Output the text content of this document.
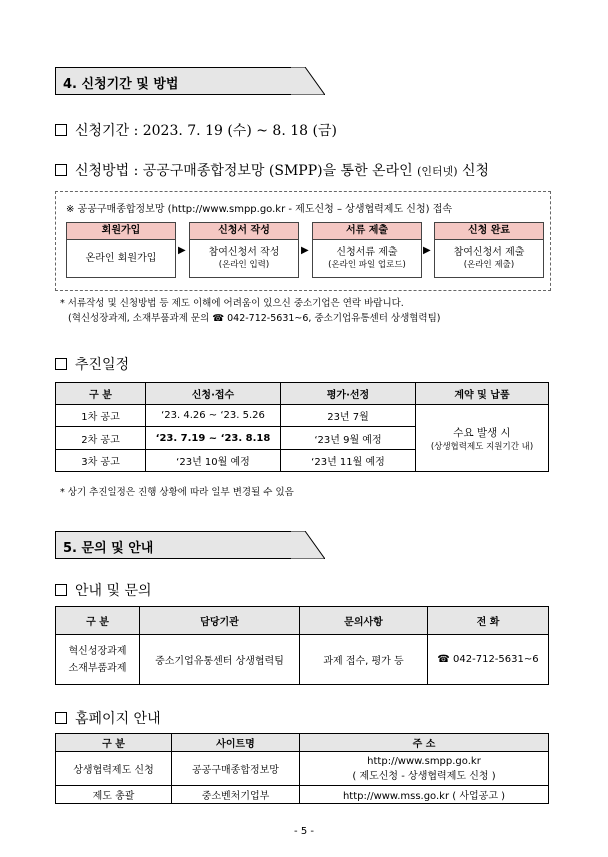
4. 신청기간 및 방법
신청기간 : 2023. 7. 19 (수) ~ 8. 18 (금)
신청방법 : 공공구매종합정보망 (SMPP)을 통한 온라인 (인터넷) 신청
※ 공공구매종합정보망 (http://www.smpp.go.kr - 제도신청 – 상생협력제도 신청) 접속
회원가입
온라인 회원가입
▶
신청서 작성
참여신청서 작성
(온라인 입력)
▶
서류 제출
신청서류 제출
(온라인 파일 업로드)
▶
신청 완료
참여신청서 제출
(온라인 제출)
* 서류작성 및 신청방법 등 제도 이해에 어려움이 있으신 중소기업은 연락 바랍니다.
(혁신성장과제, 소재부품과제 문의 ☎ 042-712-5631~6, 중소기업유통센터 상생협력팀)
추진일정
구 분	신청·접수	평가·선정	계약 및 납품
1차 공고	‘23. 4.26 ~ ‘23. 5.26	23년 7월	수요 발생 시
(상생협력제도 지원기간 내)

2차 공고	‘23. 7.19 ~ ‘23. 8.18	‘23년 9월 예정	
3차 공고	‘23년 10월 예정	‘23년 11월 예정	
* 상기 추진일정은 진행 상황에 따라 일부 변경될 수 있음
5. 문의 및 안내
안내 및 문의
구 분	담당기관	문의사항	전 화

혁신성장과제
소재부품과제	중소기업유통센터 상생협력팀	과제 접수, 평가 등	☎ 042-712-5631~6
홈페이지 안내
구 분	사이트명	주 소
상생협력제도 신청	공공구매종합정보망	http://www.smpp.go.kr
( 제도신청 - 상생협력제도 신청 )

제도 총괄	중소벤처기업부	http://www.mss.go.kr ( 사업공고 )
- 5 -
